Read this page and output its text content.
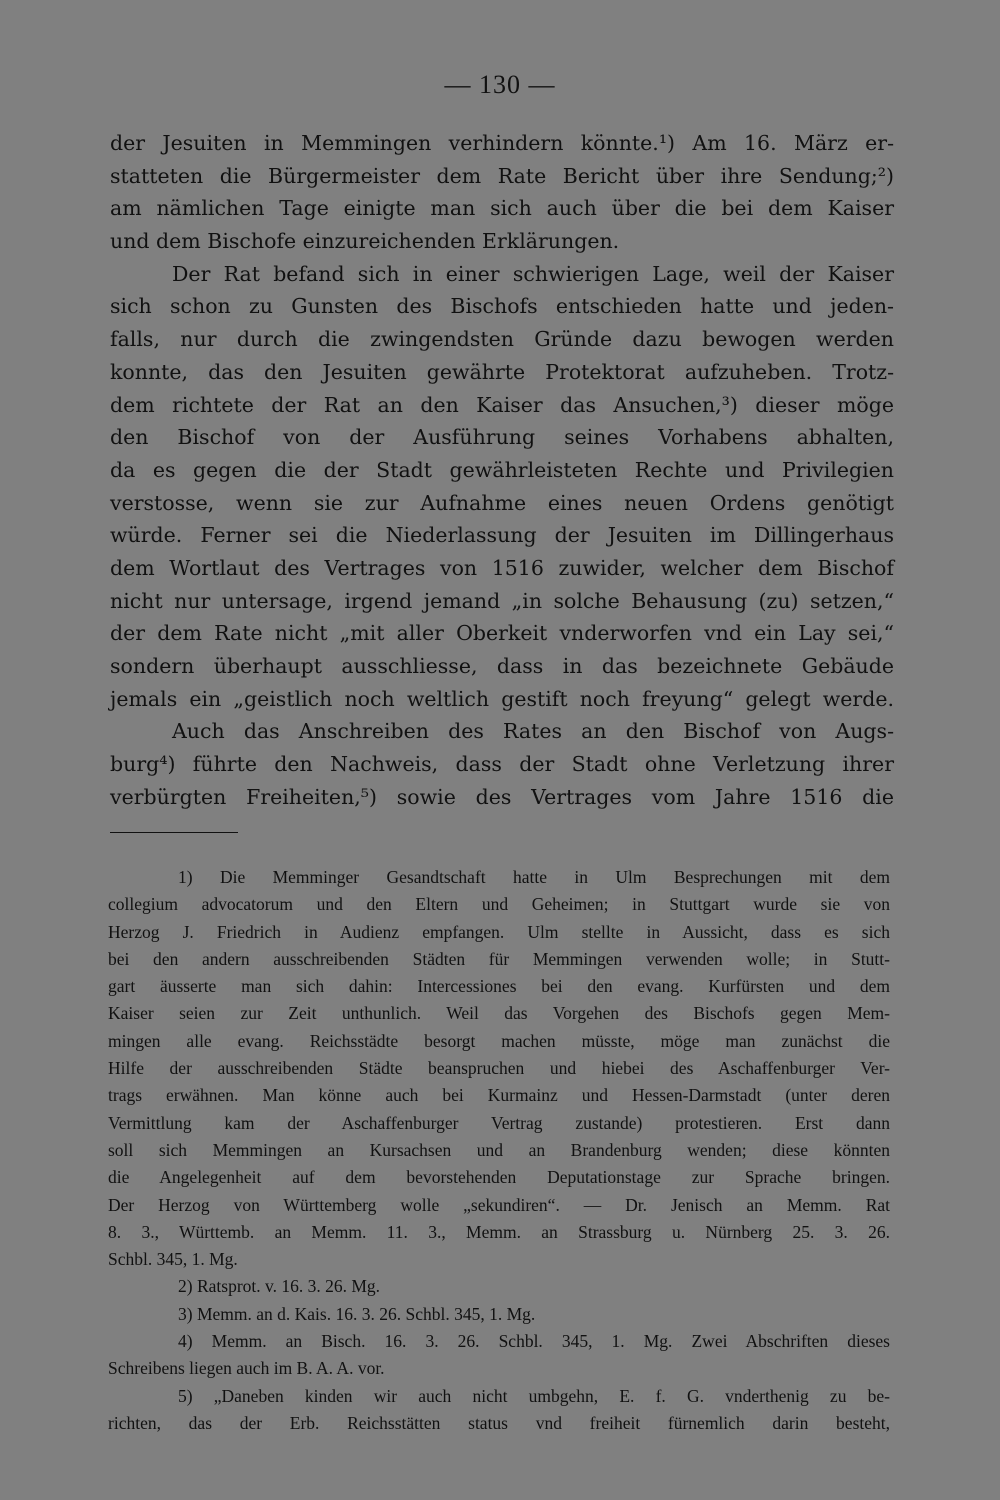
— 130 —
der Jesuiten in Memmingen verhindern könnte.¹) Am 16. März er-
statteten die Bürgermeister dem Rate Bericht über ihre Sendung;²)
am nämlichen Tage einigte man sich auch über die bei dem Kaiser
und dem Bischofe einzureichenden Erklärungen.
Der Rat befand sich in einer schwierigen Lage, weil der Kaiser
sich schon zu Gunsten des Bischofs entschieden hatte und jeden-
falls, nur durch die zwingendsten Gründe dazu bewogen werden
konnte, das den Jesuiten gewährte Protektorat aufzuheben. Trotz-
dem richtete der Rat an den Kaiser das Ansuchen,³) dieser möge
den Bischof von der Ausführung seines Vorhabens abhalten,
da es gegen die der Stadt gewährleisteten Rechte und Privilegien
verstosse, wenn sie zur Aufnahme eines neuen Ordens genötigt
würde. Ferner sei die Niederlassung der Jesuiten im Dillingerhaus
dem Wortlaut des Vertrages von 1516 zuwider, welcher dem Bischof
nicht nur untersage, irgend jemand „in solche Behausung (zu) setzen,“
der dem Rate nicht „mit aller Oberkeit vnderworfen vnd ein Lay sei,“
sondern überhaupt ausschliesse, dass in das bezeichnete Gebäude
jemals ein „geistlich noch weltlich gestift noch freyung“ gelegt werde.
Auch das Anschreiben des Rates an den Bischof von Augs-
burg⁴) führte den Nachweis, dass der Stadt ohne Verletzung ihrer
verbürgten Freiheiten,⁵) sowie des Vertrages vom Jahre 1516 die
1) Die Memminger Gesandtschaft hatte in Ulm Besprechungen mit dem
collegium advocatorum und den Eltern und Geheimen; in Stuttgart wurde sie von
Herzog J. Friedrich in Audienz empfangen. Ulm stellte in Aussicht, dass es sich
bei den andern ausschreibenden Städten für Memmingen verwenden wolle; in Stutt-
gart äusserte man sich dahin: Intercessiones bei den evang. Kurfürsten und dem
Kaiser seien zur Zeit unthunlich. Weil das Vorgehen des Bischofs gegen Mem-
mingen alle evang. Reichsstädte besorgt machen müsste, möge man zunächst die
Hilfe der ausschreibenden Städte beanspruchen und hiebei des Aschaffenburger Ver-
trags erwähnen. Man könne auch bei Kurmainz und Hessen-Darmstadt (unter deren
Vermittlung kam der Aschaffenburger Vertrag zustande) protestieren. Erst dann
soll sich Memmingen an Kursachsen und an Brandenburg wenden; diese könnten
die Angelegenheit auf dem bevorstehenden Deputationstage zur Sprache bringen.
Der Herzog von Württemberg wolle „sekundiren“. — Dr. Jenisch an Memm. Rat
8. 3., Württemb. an Memm. 11. 3., Memm. an Strassburg u. Nürnberg 25. 3. 26.
Schbl. 345, 1. Mg.
2) Ratsprot. v. 16. 3. 26. Mg.
3) Memm. an d. Kais. 16. 3. 26. Schbl. 345, 1. Mg.
4) Memm. an Bisch. 16. 3. 26. Schbl. 345, 1. Mg. Zwei Abschriften dieses
Schreibens liegen auch im B. A. A. vor.
5) „Daneben kinden wir auch nicht umbgehn, E. f. G. vnderthenig zu be-
richten, das der Erb. Reichsstätten status vnd freiheit fürnemlich darin besteht,
